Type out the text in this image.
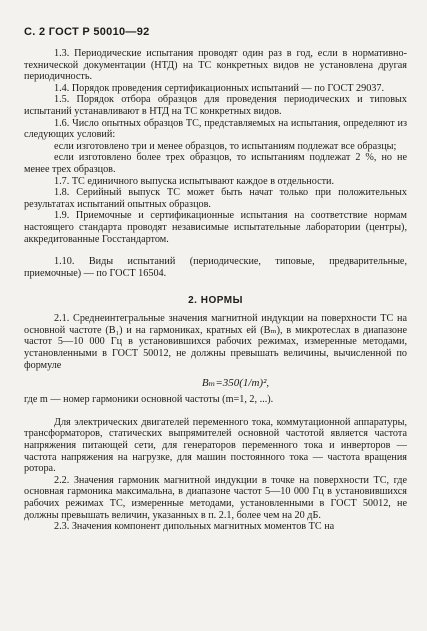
С. 2 ГОСТ Р 50010—92

1.3. Периодические испытания проводят один раз в год, если в нормативно-технической документации (НТД) на ТС конкретных видов не установлена другая периодичность.

1.4. Порядок проведения сертификационных испытаний — по ГОСТ 29037.

1.5. Порядок отбора образцов для проведения периодических и типовых испытаний устанавливают в НТД на ТС конкретных видов.

1.6. Число опытных образцов ТС, представляемых на испытания, определяют из следующих условий:

если изготовлено три и менее образцов, то испытаниям подлежат все образцы;

если изготовлено более трех образцов, то испытаниям подлежат 2 %, но не менее трех образцов.

1.7. ТС единичного выпуска испытывают каждое в отдельности.

1.8. Серийный выпуск ТС может быть начат только при положительных результатах испытаний опытных образцов.

1.9. Приемочные и сертификационные испытания на соответствие нормам настоящего стандарта проводят независимые испытательные лаборатории (центры), аккредитованные Госстандартом.

1.10. Виды испытаний (периодические, типовые, предварительные, приемочные) — по ГОСТ 16504.

2. НОРМЫ

2.1. Среднеинтегральные значения магнитной индукции на поверхности ТС на основной частоте (B₁) и на гармониках, кратных ей (Bₘ), в микротеслах в диапазоне частот 5—10 000 Гц в установившихся рабочих режимах, измеренные методами, установленными в ГОСТ 50012, не должны превышать величины, вычисленной по формуле

Bₘ=350(1/m)²,

где m — номер гармоники основной частоты (m=1, 2, ...).

Для электрических двигателей переменного тока, коммутационной аппаратуры, трансформаторов, статических выпрямителей основной частотой является частота напряжения питающей сети, для генераторов переменного тока и инверторов — частота напряжения на нагрузке, для машин постоянного тока — частота вращения ротора.

2.2. Значения гармоник магнитной индукции в точке на поверхности ТС, где основная гармоника максимальна, в диапазоне частот 5—10 000 Гц в установившихся рабочих режимах ТС, измеренные методами, установленными в ГОСТ 50012, не должны превышать величин, указанных в п. 2.1, более чем на 20 дБ.

2.3. Значения компонент дипольных магнитных моментов ТС на
